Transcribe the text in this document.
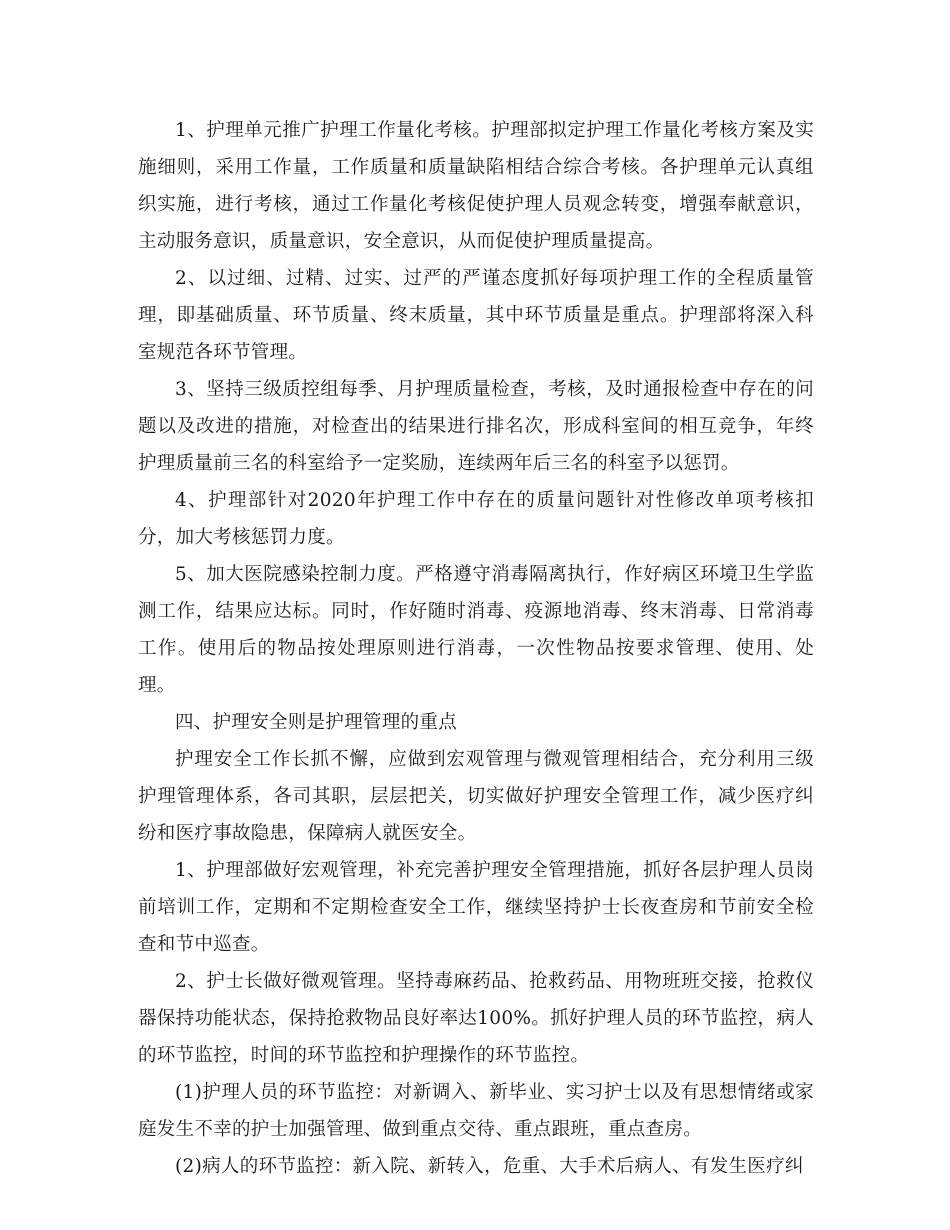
1、护理单元推广护理工作量化考核。护理部拟定护理工作量化考核方案及实施细则，采用工作量，工作质量和质量缺陷相结合综合考核。各护理单元认真组织实施，进行考核，通过工作量化考核促使护理人员观念转变，增强奉献意识，主动服务意识，质量意识，安全意识，从而促使护理质量提高。

2、以过细、过精、过实、过严的严谨态度抓好每项护理工作的全程质量管理，即基础质量、环节质量、终末质量，其中环节质量是重点。护理部将深入科室规范各环节管理。

3、坚持三级质控组每季、月护理质量检查，考核，及时通报检查中存在的问题以及改进的措施，对检查出的结果进行排名次，形成科室间的相互竞争，年终护理质量前三名的科室给予一定奖励，连续两年后三名的科室予以惩罚。

4、护理部针对2020年护理工作中存在的质量问题针对性修改单项考核扣分，加大考核惩罚力度。

5、加大医院感染控制力度。严格遵守消毒隔离执行，作好病区环境卫生学监测工作，结果应达标。同时，作好随时消毒、疫源地消毒、终末消毒、日常消毒工作。使用后的物品按处理原则进行消毒，一次性物品按要求管理、使用、处理。

四、护理安全则是护理管理的重点

护理安全工作长抓不懈，应做到宏观管理与微观管理相结合，充分利用三级护理管理体系，各司其职，层层把关，切实做好护理安全管理工作，减少医疗纠纷和医疗事故隐患，保障病人就医安全。

1、护理部做好宏观管理，补充完善护理安全管理措施，抓好各层护理人员岗前培训工作，定期和不定期检查安全工作，继续坚持护士长夜查房和节前安全检查和节中巡查。

2、护士长做好微观管理。坚持毒麻药品、抢救药品、用物班班交接，抢救仪器保持功能状态，保持抢救物品良好率达100%。抓好护理人员的环节监控，病人的环节监控，时间的环节监控和护理操作的环节监控。

(1)护理人员的环节监控：对新调入、新毕业、实习护士以及有思想情绪或家庭发生不幸的护士加强管理、做到重点交待、重点跟班，重点查房。

(2)病人的环节监控：新入院、新转入，危重、大手术后病人、有发生医疗纠
